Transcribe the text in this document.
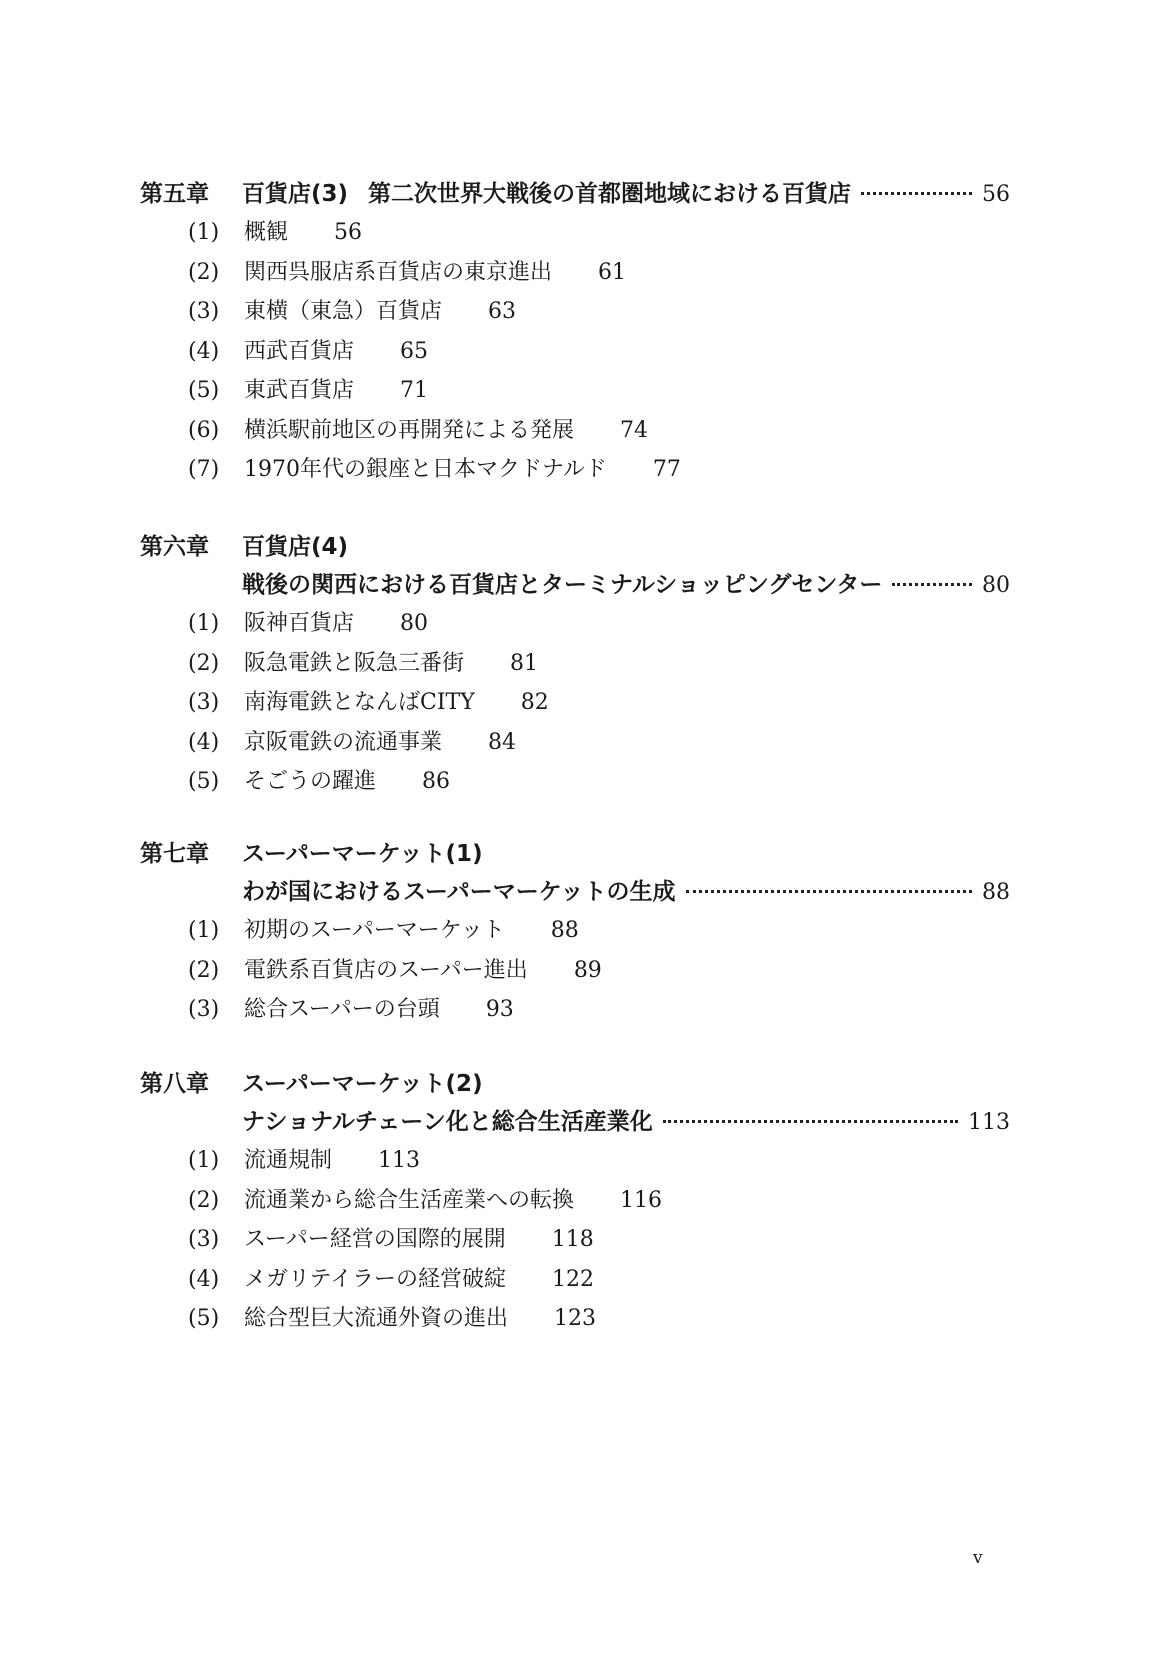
第五章	百貨店(3) 第二次世界大戦後の首都圏地域における百貨店	56
(1)	概観 56
(2)	関西呉服店系百貨店の東京進出 61
(3)	東横（東急）百貨店 63
(4)	西武百貨店 65
(5)	東武百貨店 71
(6)	横浜駅前地区の再開発による発展 74
(7)	1970年代の銀座と日本マクドナルド 77
第六章	百貨店(4)
戦後の関西における百貨店とターミナルショッピングセンター	80
(1)	阪神百貨店 80
(2)	阪急電鉄と阪急三番街 81
(3)	南海電鉄となんばCITY 82
(4)	京阪電鉄の流通事業 84
(5)	そごうの躍進 86
第七章	スーパーマーケット(1)
わが国におけるスーパーマーケットの生成	88
(1)	初期のスーパーマーケット 88
(2)	電鉄系百貨店のスーパー進出 89
(3)	総合スーパーの台頭 93
第八章	スーパーマーケット(2)
ナショナルチェーン化と総合生活産業化	113
(1)	流通規制 113
(2)	流通業から総合生活産業への転換 116
(3)	スーパー経営の国際的展開 118
(4)	メガリテイラーの経営破綻 122
(5)	総合型巨大流通外資の進出 123
v
